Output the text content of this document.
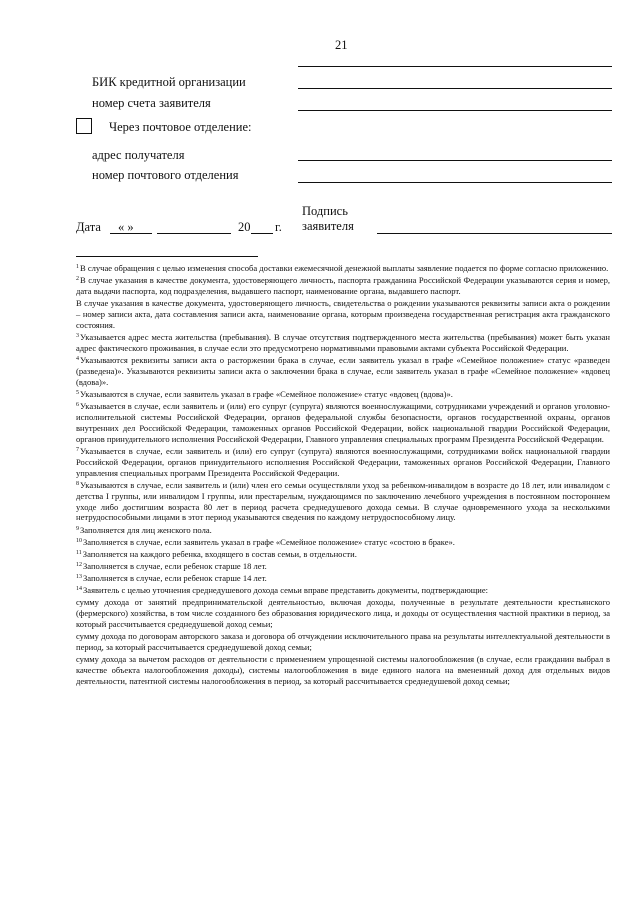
21
БИК кредитной организации
номер счета заявителя
Через почтовое отделение:
адрес получателя
номер почтового отделения
Дата « »	20 г.
Подпись
заявителя
$^1$В случае обращения с целью изменения способа доставки ежемесячной денежной выплаты заявление подается по форме согласно приложению.
$^2$В случае указания в качестве документа, удостоверяющего личность, паспорта гражданина Российской Федерации указываются серия и номер, дата выдачи паспорта, код подразделения, выдавшего паспорт, наименование органа, выдавшего паспорт.
В случае указания в качестве документа, удостоверяющего личность, свидетельства о рождении указываются реквизиты записи акта о рождении – номер записи акта, дата составления записи акта, наименование органа, которым произведена государственная регистрация акта гражданского состояния.
$^3$Указывается адрес места жительства (пребывания). В случае отсутствия подтвержденного места жительства (пребывания) может быть указан адрес фактического проживания, в случае если это предусмотрено нормативными правовыми актами субъекта Российской Федерации.
$^4$Указываются реквизиты записи акта о расторжении брака в случае, если заявитель указал в графе «Семейное положение» статус «разведен (разведена)». Указываются реквизиты записи акта о заключении брака в случае, если заявитель указал в графе «Семейное положение» «вдовец (вдова)».
$^5$Указываются в случае, если заявитель указал в графе «Семейное положение» статус «вдовец (вдова)».
$^6$Указывается в случае, если заявитель и (или) его супруг (супруга) являются военнослужащими, сотрудниками учреждений и органов уголовно-исполнительной системы Российской Федерации, органов федеральной службы безопасности, органов государственной охраны, органов внутренних дел Российской Федерации, таможенных органов Российской Федерации, войск национальной гвардии Российской Федерации, органов принудительного исполнения Российской Федерации, Главного управления специальных программ Президента Российской Федерации.
$^7$Указывается в случае, если заявитель и (или) его супруг (супруга) являются военнослужащими, сотрудниками войск национальной гвардии Российской Федерации, органов принудительного исполнения Российской Федерации, таможенных органов Российской Федерации, Главного управления специальных программ Президента Российской Федерации.
$^8$Указываются в случае, если заявитель и (или) член его семьи осуществляли уход за ребенком-инвалидом в возрасте до 18 лет, или инвалидом с детства I группы, или инвалидом I группы, или престарелым, нуждающимся по заключению лечебного учреждения в постоянном постороннем уходе либо достигшим возраста 80 лет в период расчета среднедушевого дохода семьи. В случае одновременного ухода за несколькими нетрудоспособными лицами в этот период указываются сведения по каждому нетрудоспособному лицу.
$^9$Заполняется для лиц женского пола.
$^{10}$Заполняется в случае, если заявитель указал в графе «Семейное положение» статус «состою в браке».
$^{11}$Заполняется на каждого ребенка, входящего в состав семьи, в отдельности.
$^{12}$Заполняется в случае, если ребенок старше 18 лет.
$^{13}$Заполняется в случае, если ребенок старше 14 лет.
$^{14}$Заявитель с целью уточнения среднедушевого дохода семьи вправе представить документы, подтверждающие:
сумму дохода от занятий предпринимательской деятельностью, включая доходы, полученные в результате деятельности крестьянского (фермерского) хозяйства, в том числе созданного без образования юридического лица, и доходы от осуществления частной практики в период, за который рассчитывается среднедушевой доход семьи;
сумму дохода по договорам авторского заказа и договора об отчуждении исключительного права на результаты интеллектуальной деятельности в период, за который рассчитывается среднедушевой доход семьи;
сумму дохода за вычетом расходов от деятельности с применением упрощенной системы налогообложения (в случае, если гражданин выбрал в качестве объекта налогообложения доходы), системы налогообложения в виде единого налога на вмененный доход для отдельных видов деятельности, патентной системы налогообложения в период, за который рассчитывается среднедушевой доход семьи;
